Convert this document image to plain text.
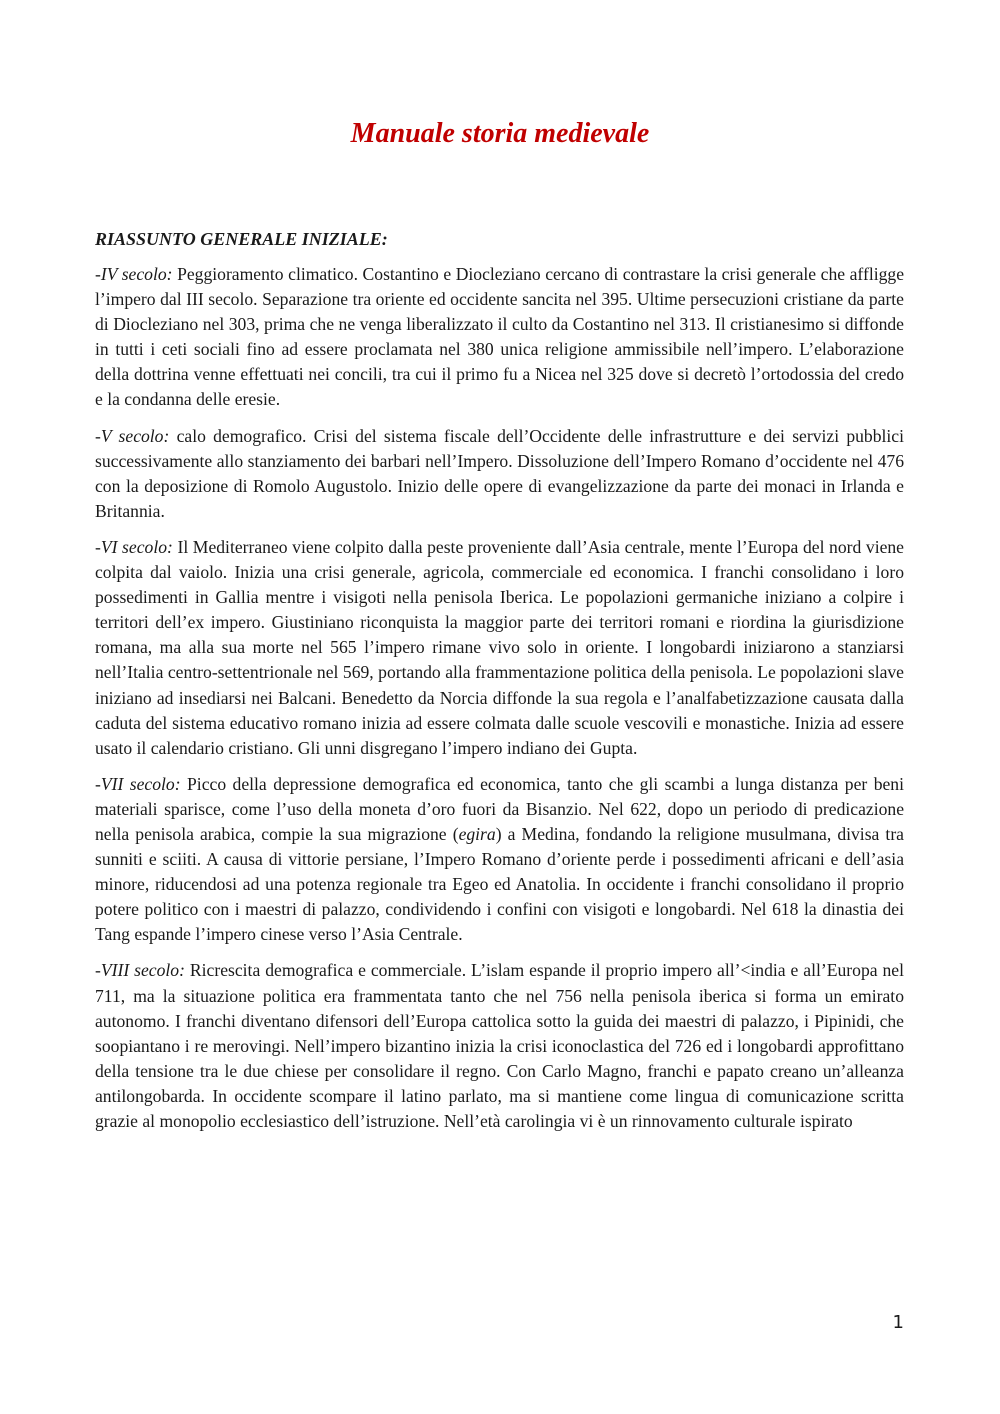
Manuale storia medievale

RIASSUNTO GENERALE INIZIALE:

-IV secolo: Peggioramento climatico. Costantino e Diocleziano cercano di contrastare la crisi generale che affligge l’impero dal III secolo. Separazione tra oriente ed occidente sancita nel 395. Ultime persecuzioni cristiane da parte di Diocleziano nel 303, prima che ne venga liberalizzato il culto da Costantino nel 313. Il cristianesimo si diffonde in tutti i ceti sociali fino ad essere proclamata nel 380 unica religione ammissibile nell’impero. L’elaborazione della dottrina venne effettuati nei concili, tra cui il primo fu a Nicea nel 325 dove si decretò l’ortodossia del credo e la condanna delle eresie.

-V secolo: calo demografico. Crisi del sistema fiscale dell’Occidente delle infrastrutture e dei servizi pubblici successivamente allo stanziamento dei barbari nell’Impero. Dissoluzione dell’Impero Romano d’occidente nel 476 con la deposizione di Romolo Augustolo. Inizio delle opere di evangelizzazione da parte dei monaci in Irlanda e Britannia.

-VI secolo: Il Mediterraneo viene colpito dalla peste proveniente dall’Asia centrale, mente l’Europa del nord viene colpita dal vaiolo. Inizia una crisi generale, agricola, commerciale ed economica. I franchi consolidano i loro possedimenti in Gallia mentre i visigoti nella penisola Iberica. Le popolazioni germaniche iniziano a colpire i territori dell’ex impero. Giustiniano riconquista la maggior parte dei territori romani e riordina la giurisdizione romana, ma alla sua morte nel 565 l’impero rimane vivo solo in oriente. I longobardi iniziarono a stanziarsi nell’Italia centro-settentrionale nel 569, portando alla frammentazione politica della penisola. Le popolazioni slave iniziano ad insediarsi nei Balcani. Benedetto da Norcia diffonde la sua regola e l’analfabetizzazione causata dalla caduta del sistema educativo romano inizia ad essere colmata dalle scuole vescovili e monastiche. Inizia ad essere usato il calendario cristiano. Gli unni disgregano l’impero indiano dei Gupta.

-VII secolo: Picco della depressione demografica ed economica, tanto che gli scambi a lunga distanza per beni materiali sparisce, come l’uso della moneta d’oro fuori da Bisanzio. Nel 622, dopo un periodo di predicazione nella penisola arabica, compie la sua migrazione (egira) a Medina, fondando la religione musulmana, divisa tra sunniti e sciiti. A causa di vittorie persiane, l’Impero Romano d’oriente perde i possedimenti africani e dell’asia minore, riducendosi ad una potenza regionale tra Egeo ed Anatolia. In occidente i franchi consolidano il proprio potere politico con i maestri di palazzo, condividendo i confini con visigoti e longobardi. Nel 618 la dinastia dei Tang espande l’impero cinese verso l’Asia Centrale.

-VIII secolo: Ricrescita demografica e commerciale. L’islam espande il proprio impero all’<india e all’Europa nel 711, ma la situazione politica era frammentata tanto che nel 756 nella penisola iberica si forma un emirato autonomo. I franchi diventano difensori dell’Europa cattolica sotto la guida dei maestri di palazzo, i Pipinidi, che soopiantano i re merovingi. Nell’impero bizantino inizia la crisi iconoclastica del 726 ed i longobardi approfittano della tensione tra le due chiese per consolidare il regno. Con Carlo Magno, franchi e papato creano un’alleanza antilongobarda. In occidente scompare il latino parlato, ma si mantiene come lingua di comunicazione scritta grazie al monopolio ecclesiastico dell’istruzione. Nell’età carolingia vi è un rinnovamento culturale ispirato

1
